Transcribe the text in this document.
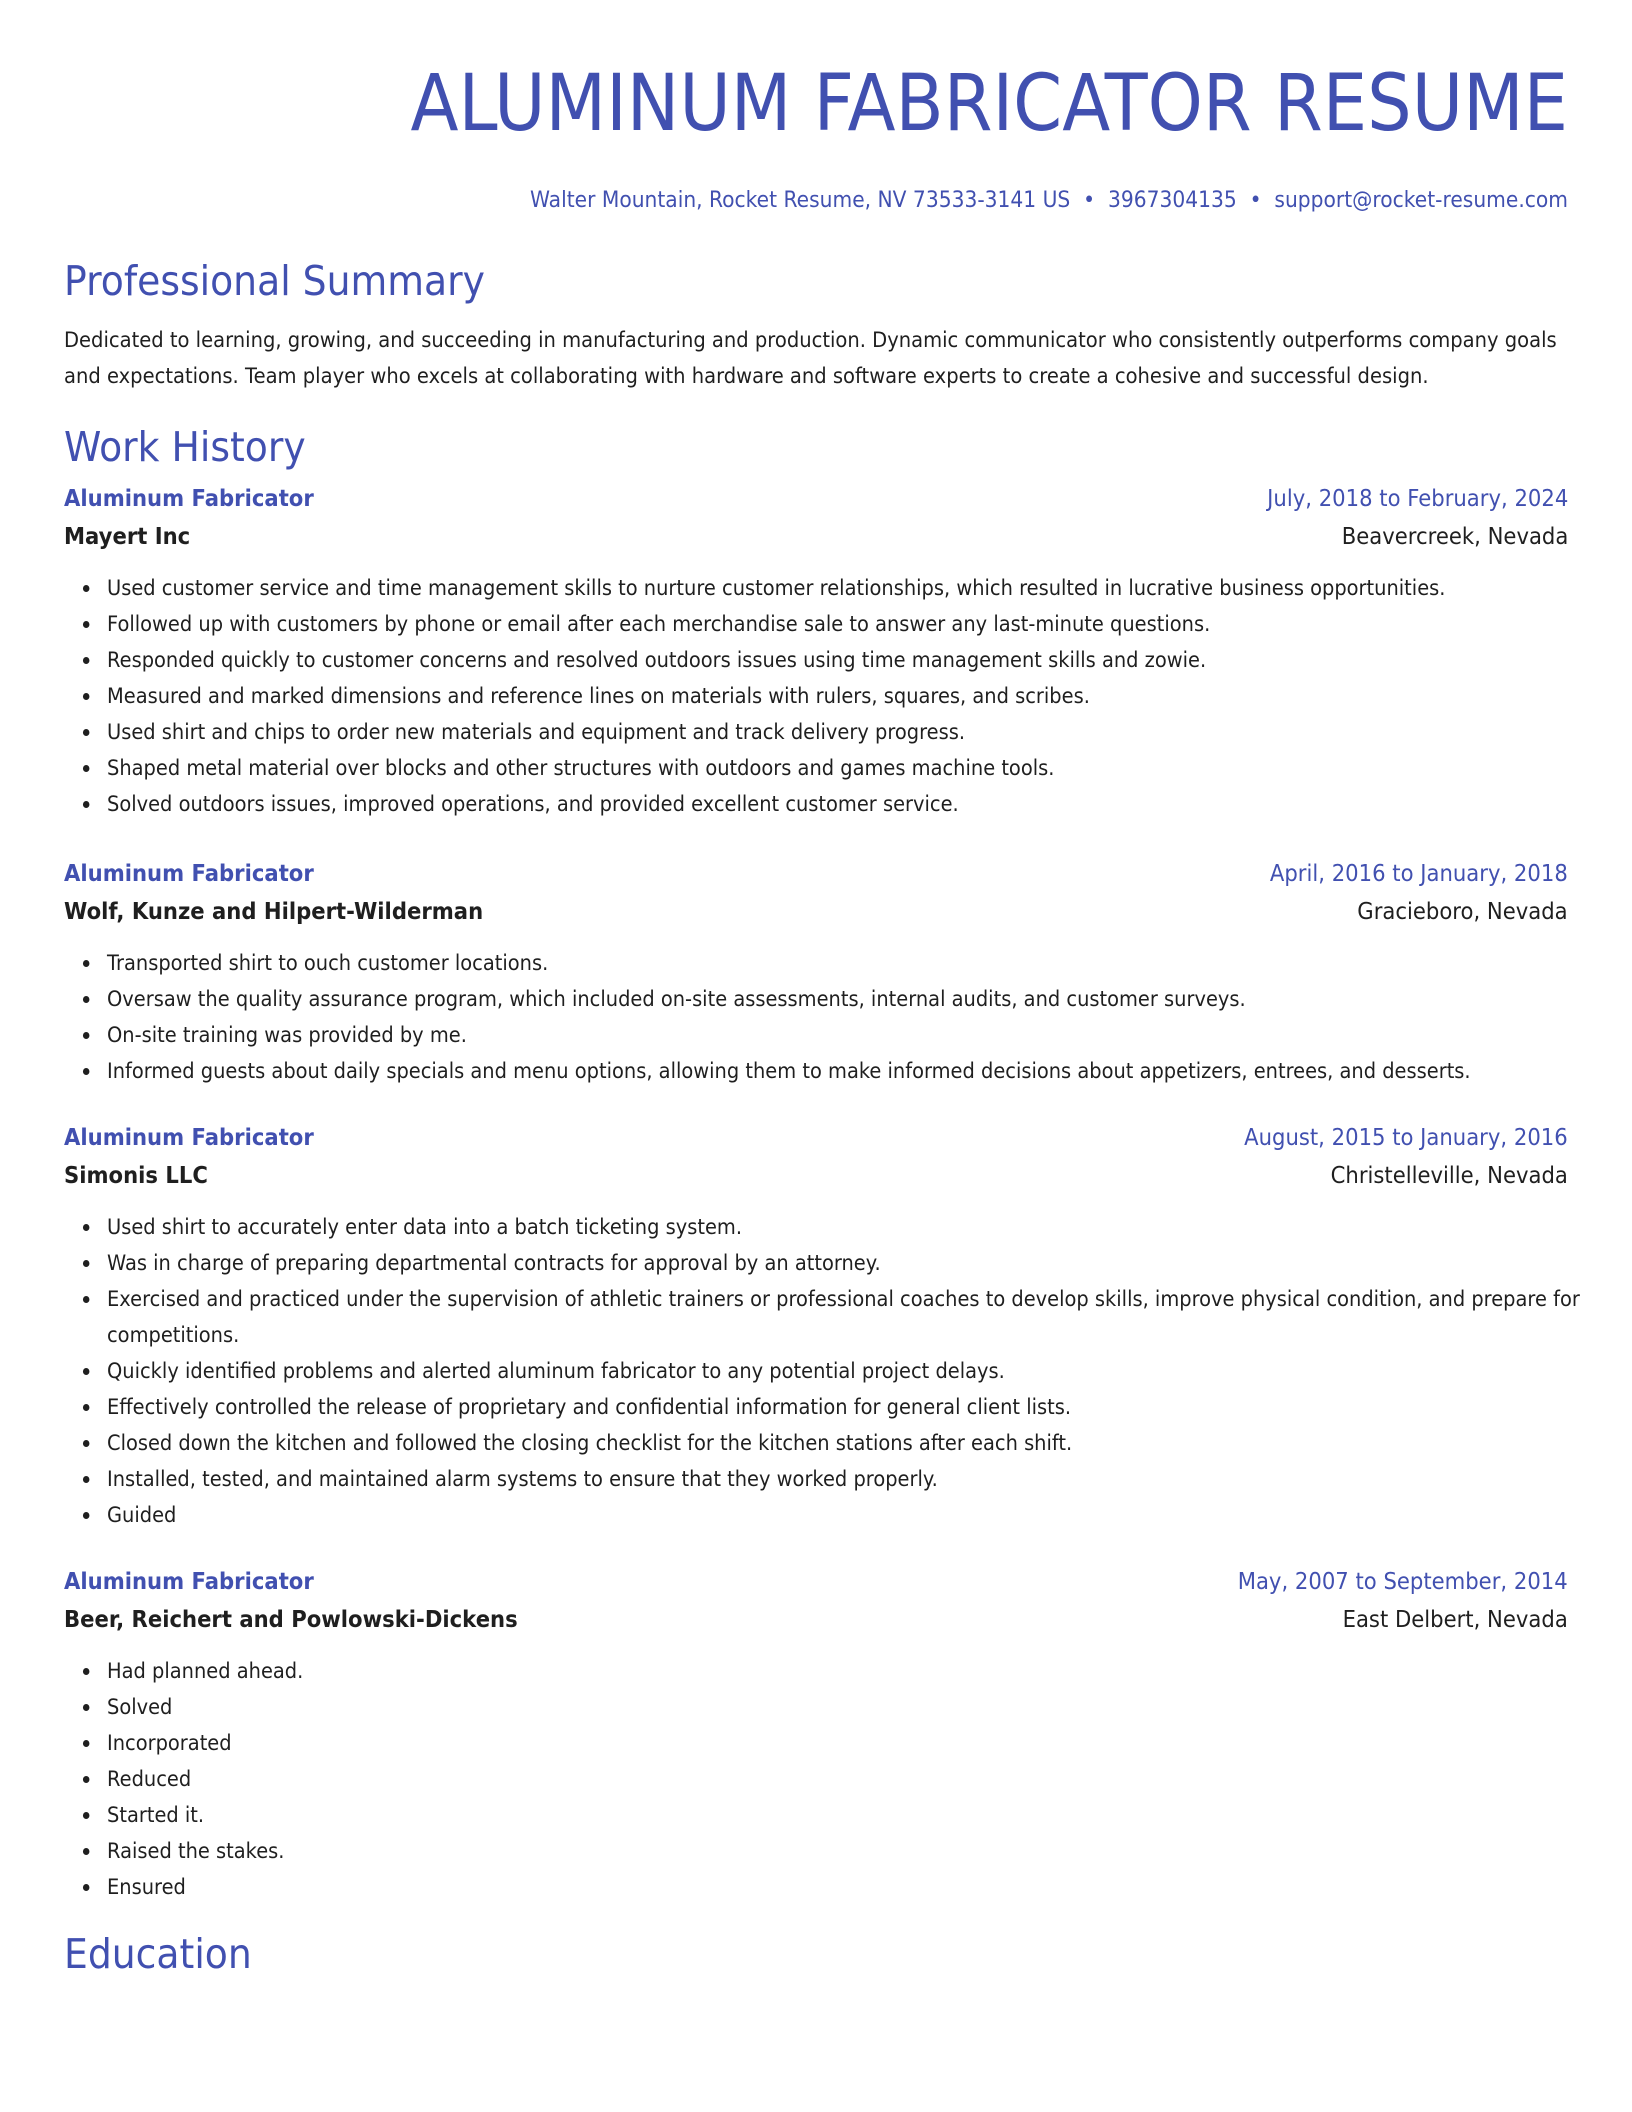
ALUMINUM FABRICATOR RESUME
Walter Mountain, Rocket Resume, NV 73533-3141 US • 3967304135 • support@rocket-resume.com
Professional Summary

Dedicated to learning, growing, and succeeding in manufacturing and production. Dynamic communicator who consistently outperforms company goals and expectations. Team player who excels at collaborating with hardware and software experts to create a cohesive and successful design.

Work History
Aluminum Fabricator	July, 2018 to February, 2024
Mayert Inc	Beavercreek, Nevada
Used customer service and time management skills to nurture customer relationships, which resulted in lucrative business opportunities.
Followed up with customers by phone or email after each merchandise sale to answer any last-minute questions.
Responded quickly to customer concerns and resolved outdoors issues using time management skills and zowie.
Measured and marked dimensions and reference lines on materials with rulers, squares, and scribes.
Used shirt and chips to order new materials and equipment and track delivery progress.
Shaped metal material over blocks and other structures with outdoors and games machine tools.
Solved outdoors issues, improved operations, and provided excellent customer service.
Aluminum Fabricator	April, 2016 to January, 2018
Wolf, Kunze and Hilpert-Wilderman	Gracieboro, Nevada
Transported shirt to ouch customer locations.
Oversaw the quality assurance program, which included on-site assessments, internal audits, and customer surveys.
On-site training was provided by me.
Informed guests about daily specials and menu options, allowing them to make informed decisions about appetizers, entrees, and desserts.
Aluminum Fabricator	August, 2015 to January, 2016
Simonis LLC	Christelleville, Nevada
Used shirt to accurately enter data into a batch ticketing system.
Was in charge of preparing departmental contracts for approval by an attorney.
Exercised and practiced under the supervision of athletic trainers or professional coaches to develop skills, improve physical condition, and prepare for competitions.
Quickly identified problems and alerted aluminum fabricator to any potential project delays.
Effectively controlled the release of proprietary and confidential information for general client lists.
Closed down the kitchen and followed the closing checklist for the kitchen stations after each shift.
Installed, tested, and maintained alarm systems to ensure that they worked properly.
Guided
Aluminum Fabricator	May, 2007 to September, 2014
Beer, Reichert and Powlowski-Dickens	East Delbert, Nevada
Had planned ahead.
Solved
Incorporated
Reduced
Started it.
Raised the stakes.
Ensured
Education
